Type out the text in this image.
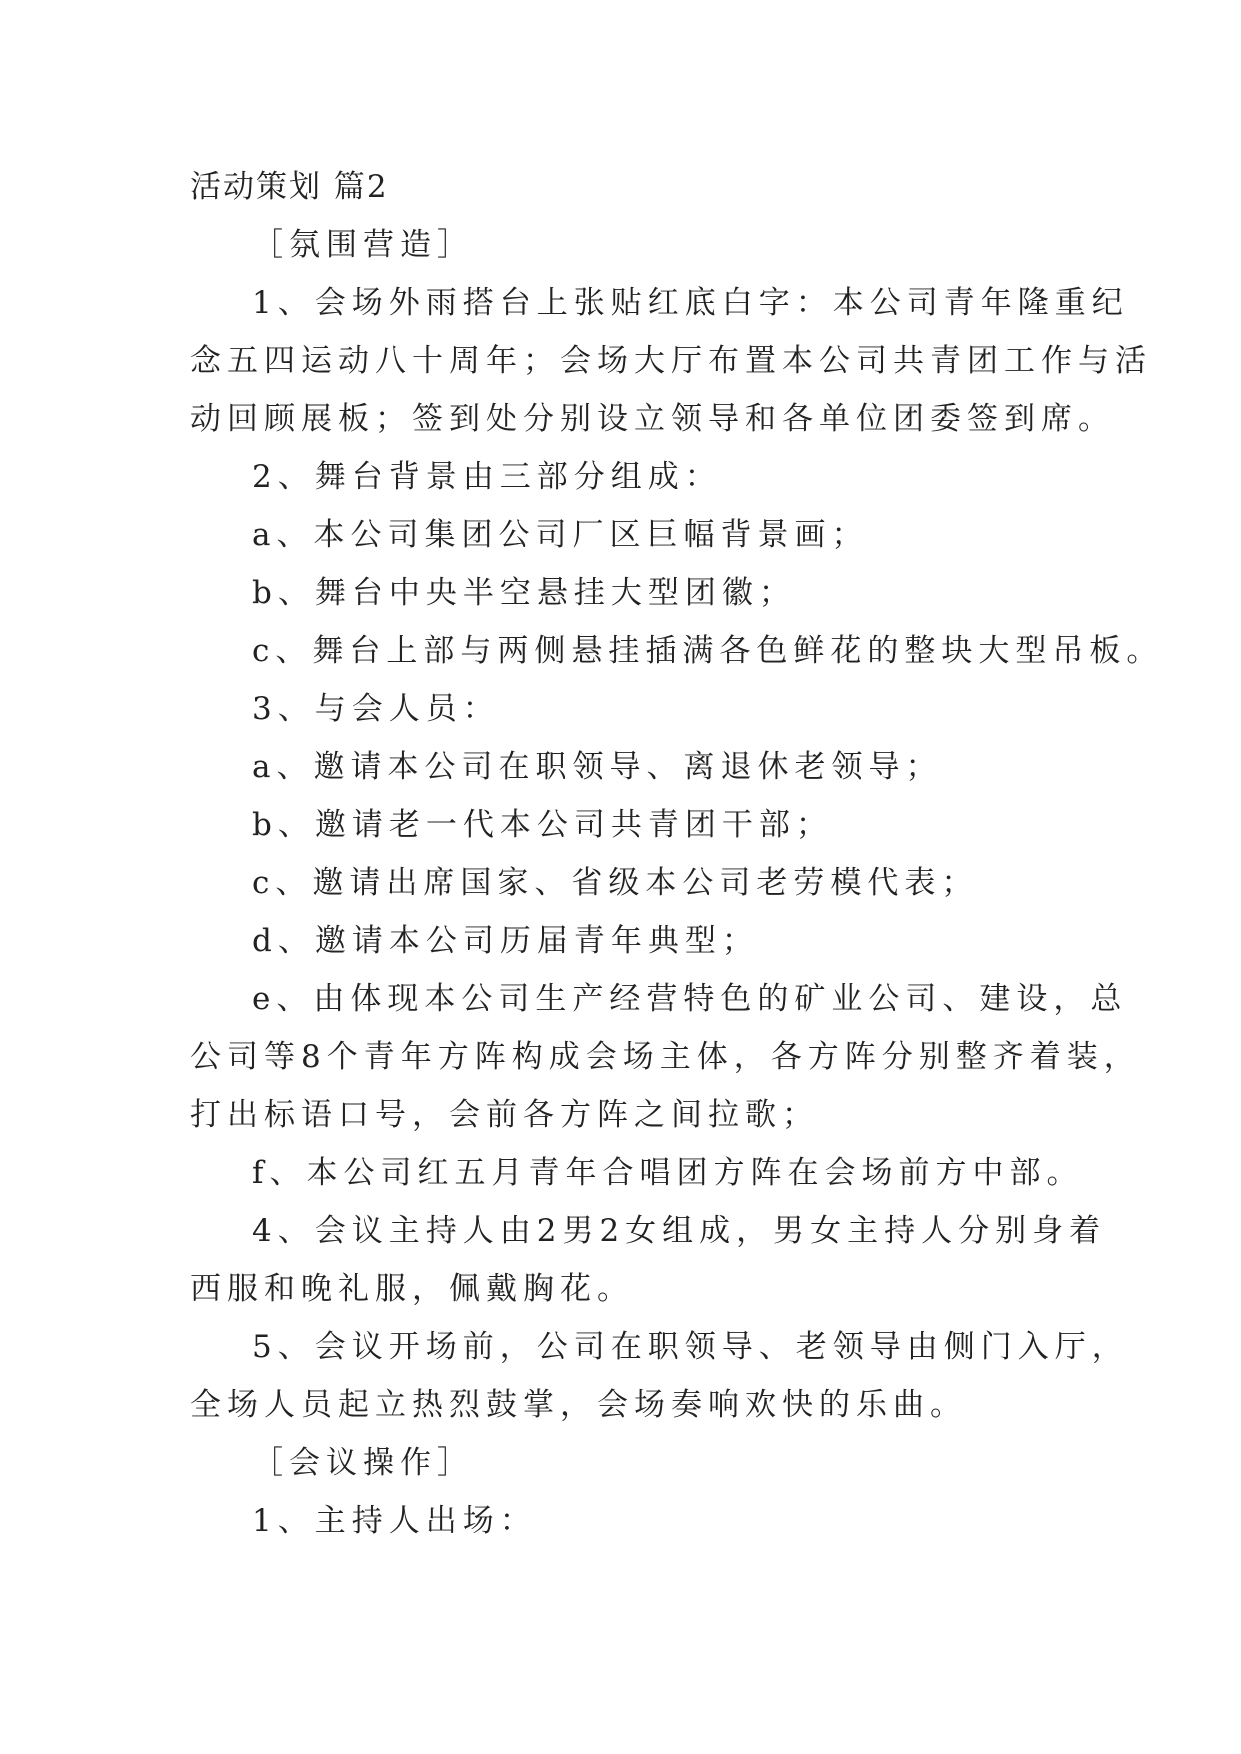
活动策划 篇2
［氛围营造］
1、会场外雨搭台上张贴红底白字：本公司青年隆重纪
念五四运动八十周年；会场大厅布置本公司共青团工作与活
动回顾展板；签到处分别设立领导和各单位团委签到席。
2、舞台背景由三部分组成：
a、本公司集团公司厂区巨幅背景画；
b、舞台中央半空悬挂大型团徽；
c、舞台上部与两侧悬挂插满各色鲜花的整块大型吊板。
3、与会人员：
a、邀请本公司在职领导、离退休老领导；
b、邀请老一代本公司共青团干部；
c、邀请出席国家、省级本公司老劳模代表；
d、邀请本公司历届青年典型；
e、由体现本公司生产经营特色的矿业公司、建设，总
公司等8个青年方阵构成会场主体，各方阵分别整齐着装，
打出标语口号，会前各方阵之间拉歌；
f、本公司红五月青年合唱团方阵在会场前方中部。
4、会议主持人由2男2女组成，男女主持人分别身着
西服和晚礼服，佩戴胸花。
5、会议开场前，公司在职领导、老领导由侧门入厅，
全场人员起立热烈鼓掌，会场奏响欢快的乐曲。
［会议操作］
1、主持人出场：
